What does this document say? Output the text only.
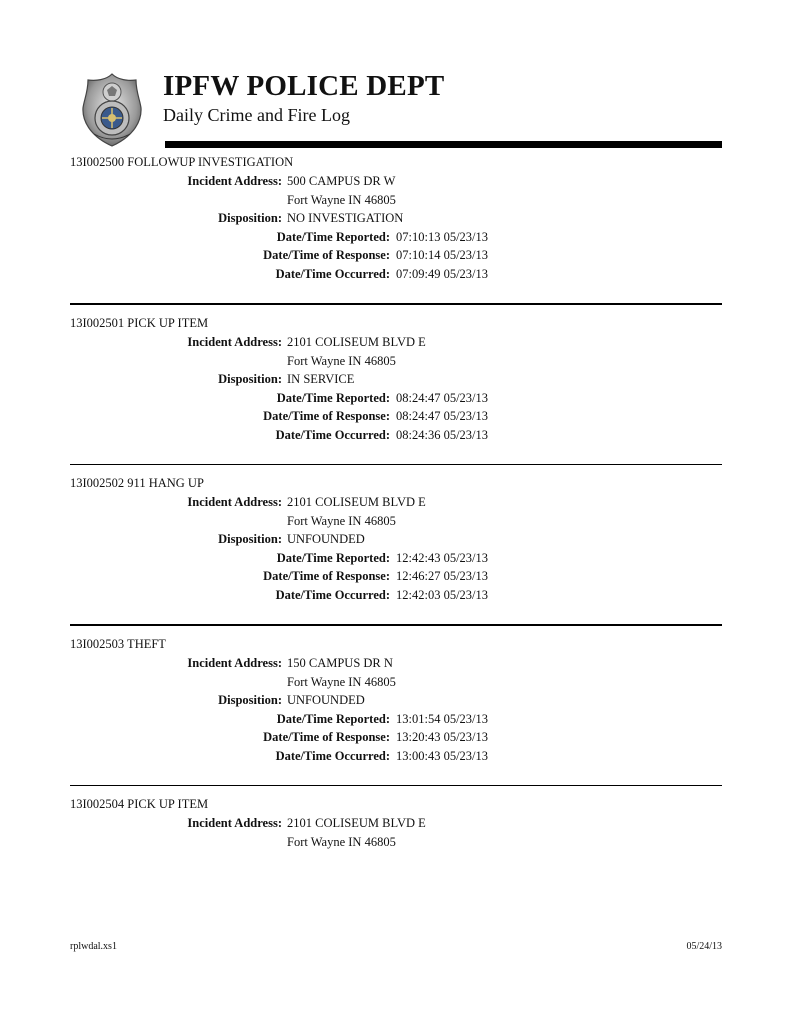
IPFW POLICE DEPT
Daily Crime and Fire Log
13I002500 FOLLOWUP INVESTIGATION
Incident Address: 500 CAMPUS DR W
Fort Wayne IN 46805
Disposition: NO INVESTIGATION
Date/Time Reported: 07:10:13 05/23/13
Date/Time of Response: 07:10:14 05/23/13
Date/Time Occurred: 07:09:49 05/23/13
13I002501 PICK UP ITEM
Incident Address: 2101 COLISEUM BLVD E
Fort Wayne IN 46805
Disposition: IN SERVICE
Date/Time Reported: 08:24:47 05/23/13
Date/Time of Response: 08:24:47 05/23/13
Date/Time Occurred: 08:24:36 05/23/13
13I002502 911 HANG UP
Incident Address: 2101 COLISEUM BLVD E
Fort Wayne IN 46805
Disposition: UNFOUNDED
Date/Time Reported: 12:42:43 05/23/13
Date/Time of Response: 12:46:27 05/23/13
Date/Time Occurred: 12:42:03 05/23/13
13I002503 THEFT
Incident Address: 150 CAMPUS DR N
Fort Wayne IN 46805
Disposition: UNFOUNDED
Date/Time Reported: 13:01:54 05/23/13
Date/Time of Response: 13:20:43 05/23/13
Date/Time Occurred: 13:00:43 05/23/13
13I002504 PICK UP ITEM
Incident Address: 2101 COLISEUM BLVD E
Fort Wayne IN 46805
rplwdal.xs1	05/24/13
